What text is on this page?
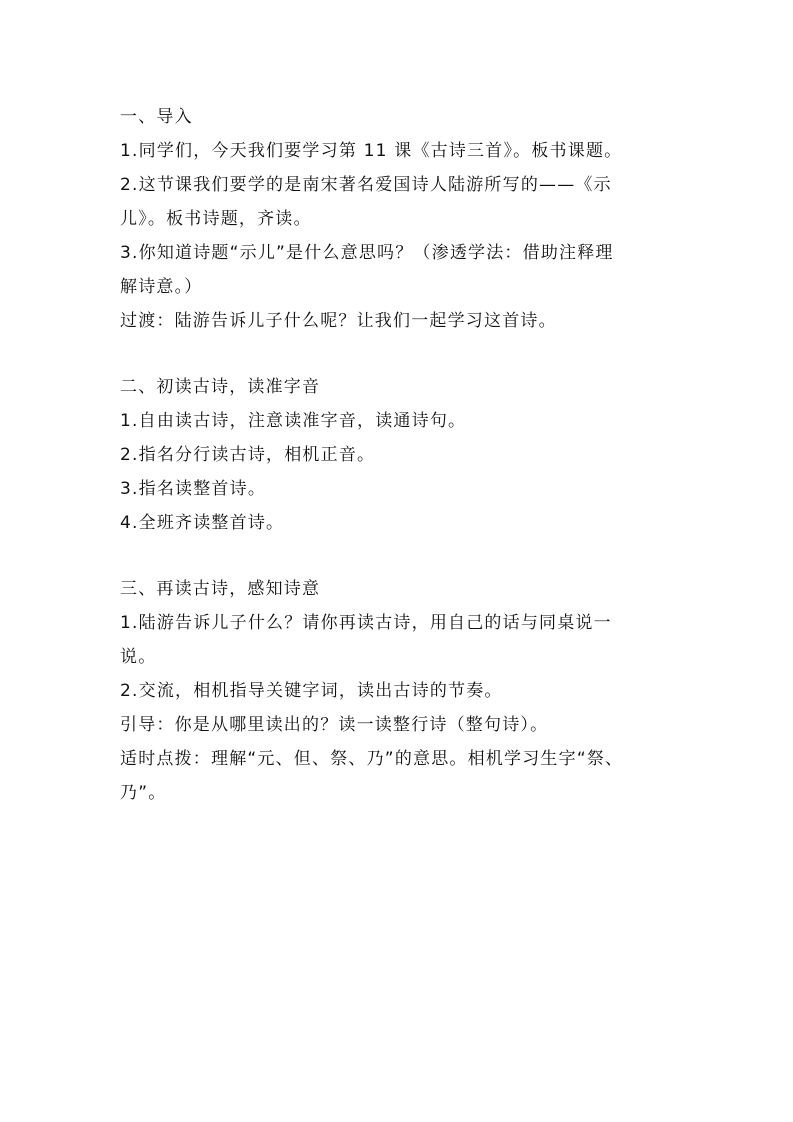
一、导入
1.同学们，今天我们要学习第 11 课《古诗三首》。板书课题。
2.这节课我们要学的是南宋著名爱国诗人陆游所写的——《示
儿》。板书诗题，齐读。
3.你知道诗题“示儿”是什么意思吗？（渗透学法：借助注释理
解诗意。）
过渡：陆游告诉儿子什么呢？让我们一起学习这首诗。
二、初读古诗，读准字音
1.自由读古诗，注意读准字音，读通诗句。
2.指名分行读古诗，相机正音。
3.指名读整首诗。
4.全班齐读整首诗。
三、再读古诗，感知诗意
1.陆游告诉儿子什么？请你再读古诗，用自己的话与同桌说一
说。
2.交流，相机指导关键字词，读出古诗的节奏。
引导：你是从哪里读出的？读一读整行诗（整句诗）。
适时点拨：理解“元、但、祭、乃”的意思。相机学习生字“祭、
乃”。
